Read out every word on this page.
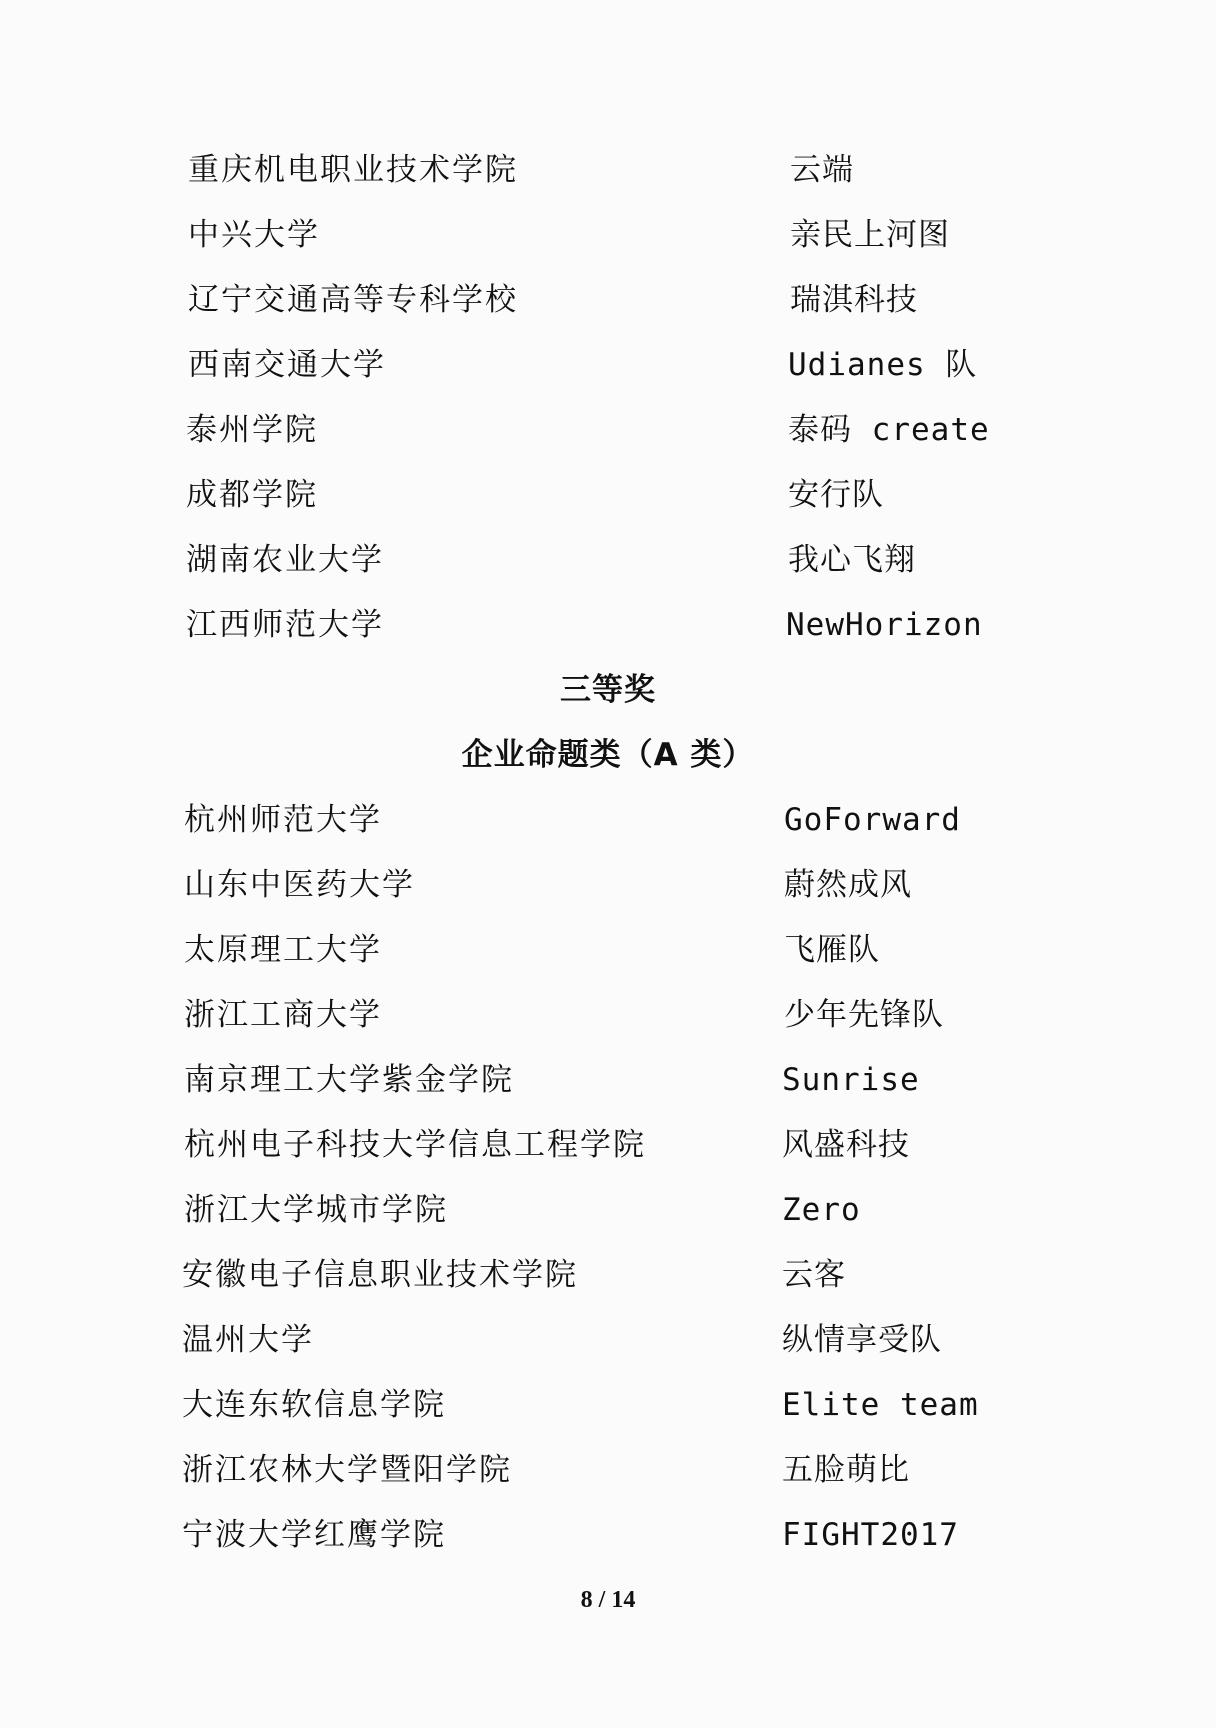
重庆机电职业技术学院	云端
中兴大学	亲民上河图
辽宁交通高等专科学校	瑞淇科技
西南交通大学	Udianes 队
泰州学院	泰码 create
成都学院	安行队
湖南农业大学	我心飞翔
江西师范大学	NewHorizon
三等奖
企业命题类（A 类）
杭州师范大学	GoForward
山东中医药大学	蔚然成风
太原理工大学	飞雁队
浙江工商大学	少年先锋队
南京理工大学紫金学院	Sunrise
杭州电子科技大学信息工程学院	风盛科技
浙江大学城市学院	Zero
安徽电子信息职业技术学院	云客
温州大学	纵情享受队
大连东软信息学院	Elite team
浙江农林大学暨阳学院	五脸萌比
宁波大学红鹰学院	FIGHT2017
8 / 14
